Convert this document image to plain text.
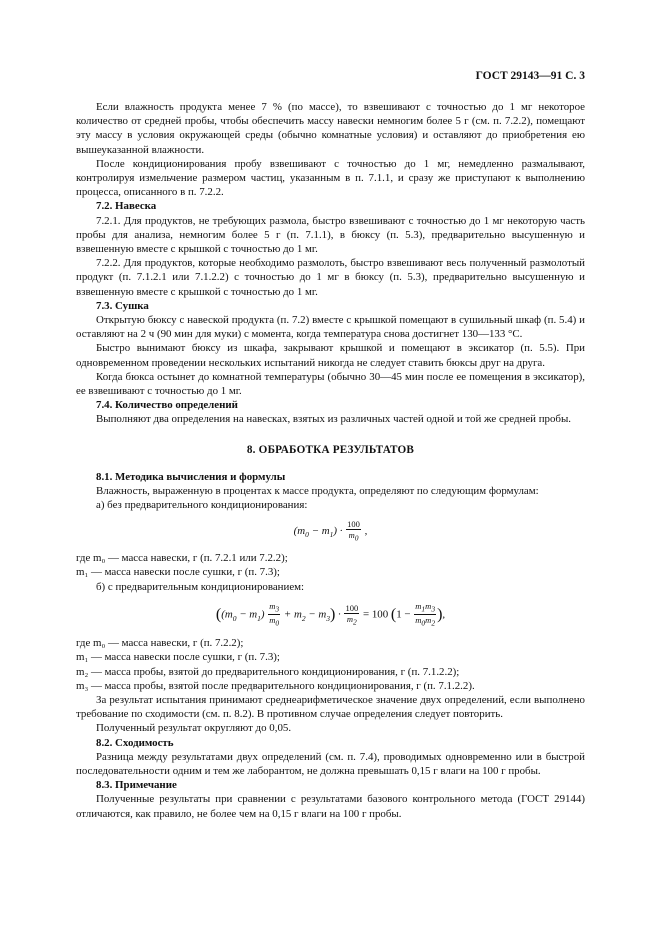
ГОСТ 29143—91 С. 3

Если влажность продукта менее 7 % (по массе), то взвешивают с точностью до 1 мг некоторое количество от средней пробы, чтобы обеспечить массу навески немногим более 5 г (см. п. 7.2.2), помещают эту массу в условия окружающей среды (обычно комнатные условия) и оставляют до приобретения ею вышеуказанной влажности.

После кондиционирования пробу взвешивают с точностью до 1 мг, немедленно размалывают, контролируя измельчение размером частиц, указанным в п. 7.1.1, и сразу же приступают к выполнению процесса, описанного в п. 7.2.2.

7.2. Навеска

7.2.1. Для продуктов, не требующих размола, быстро взвешивают с точностью до 1 мг некоторую часть пробы для анализа, немногим более 5 г (п. 7.1.1), в бюксу (п. 5.3), предварительно высушенную и взвешенную вместе с крышкой с точностью до 1 мг.

7.2.2. Для продуктов, которые необходимо размолоть, быстро взвешивают весь полученный размолотый продукт (п. 7.1.2.1 или 7.1.2.2) с точностью до 1 мг в бюксу (п. 5.3), предварительно высушенную и взвешенную вместе с крышкой с точностью до 1 мг.

7.3. Сушка

Открытую бюксу с навеской продукта (п. 7.2) вместе с крышкой помещают в сушильный шкаф (п. 5.4) и оставляют на 2 ч (90 мин для муки) с момента, когда температура снова достигнет 130—133 °С.

Быстро вынимают бюксу из шкафа, закрывают крышкой и помещают в эксикатор (п. 5.5). При одновременном проведении нескольких испытаний никогда не следует ставить бюксы друг на друга.

Когда бюкса остынет до комнатной температуры (обычно 30—45 мин после ее помещения в эксикатор), ее взвешивают с точностью до 1 мг.

7.4. Количество определений

Выполняют два определения на навесках, взятых из различных частей одной и той же средней пробы.

8. ОБРАБОТКА РЕЗУЛЬТАТОВ

8.1. Методика вычисления и формулы

Влажность, выраженную в процентах к массе продукта, определяют по следующим формулам:

а) без предварительного кондиционирования:

$(m_0 - m_1) \cdot \frac{100}{m_0}$ ,

где m₀ — масса навески, г (п. 7.2.1 или 7.2.2);

m₁ — масса навески после сушки, г (п. 7.3);

б) с предварительным кондиционированием:

$((m_0 - m_1) \frac{m_3}{m_0} + m_2 - m_3) \cdot \frac{100}{m_2} = 100$ ($1 - \frac{m_1m_3}{m_0m_2}$ ),

где m₀ — масса навески, г (п. 7.2.2);

m₁ — масса навески после сушки, г (п. 7.3);

m₂ — масса пробы, взятой до предварительного кондиционирования, г (п. 7.1.2.2);

m₃ — масса пробы, взятой после предварительного кондиционирования, г (п. 7.1.2.2).

За результат испытания принимают среднеарифметическое значение двух определений, если выполнено требование по сходимости (см. п. 8.2). В противном случае определения следует повторить.

Полученный результат округляют до 0,05.

8.2. Сходимость

Разница между результатами двух определений (см. п. 7.4), проводимых одновременно или в быстрой последовательности одним и тем же лаборантом, не должна превышать 0,15 г влаги на 100 г пробы.

8.3. Примечание

Полученные результаты при сравнении с результатами базового контрольного метода (ГОСТ 29144) отличаются, как правило, не более чем на 0,15 г влаги на 100 г пробы.
